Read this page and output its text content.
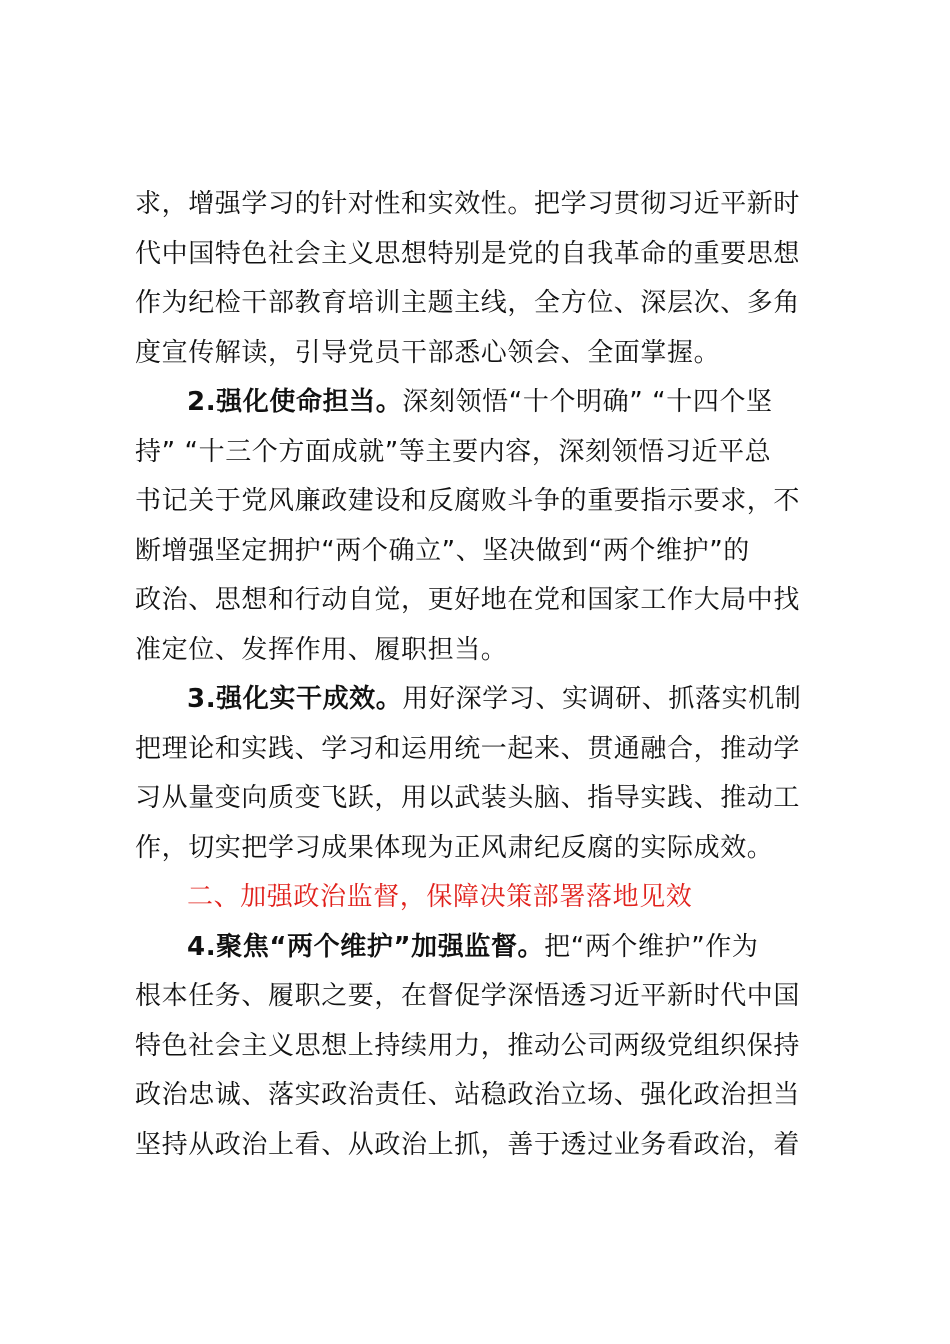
求，增强学习的针对性和实效性。把学习贯彻习近平新时
代中国特色社会主义思想特别是党的自我革命的重要思想
作为纪检干部教育培训主题主线，全方位、深层次、多角
度宣传解读，引导党员干部悉心领会、全面掌握。
2.强化使命担当。深刻领悟“十个明确” “十四个坚
持” “十三个方面成就”等主要内容，深刻领悟习近平总
书记关于党风廉政建设和反腐败斗争的重要指示要求，不
断增强坚定拥护“两个确立”、坚决做到“两个维护”的
政治、思想和行动自觉，更好地在党和国家工作大局中找
准定位、发挥作用、履职担当。
3.强化实干成效。用好深学习、实调研、抓落实机制
把理论和实践、学习和运用统一起来、贯通融合，推动学
习从量变向质变飞跃，用以武装头脑、指导实践、推动工
作，切实把学习成果体现为正风肃纪反腐的实际成效。
二、加强政治监督，保障决策部署落地见效
4.聚焦“两个维护”加强监督。把“两个维护”作为
根本任务、履职之要，在督促学深悟透习近平新时代中国
特色社会主义思想上持续用力，推动公司两级党组织保持
政治忠诚、落实政治责任、站稳政治立场、强化政治担当
坚持从政治上看、从政治上抓，善于透过业务看政治，着
